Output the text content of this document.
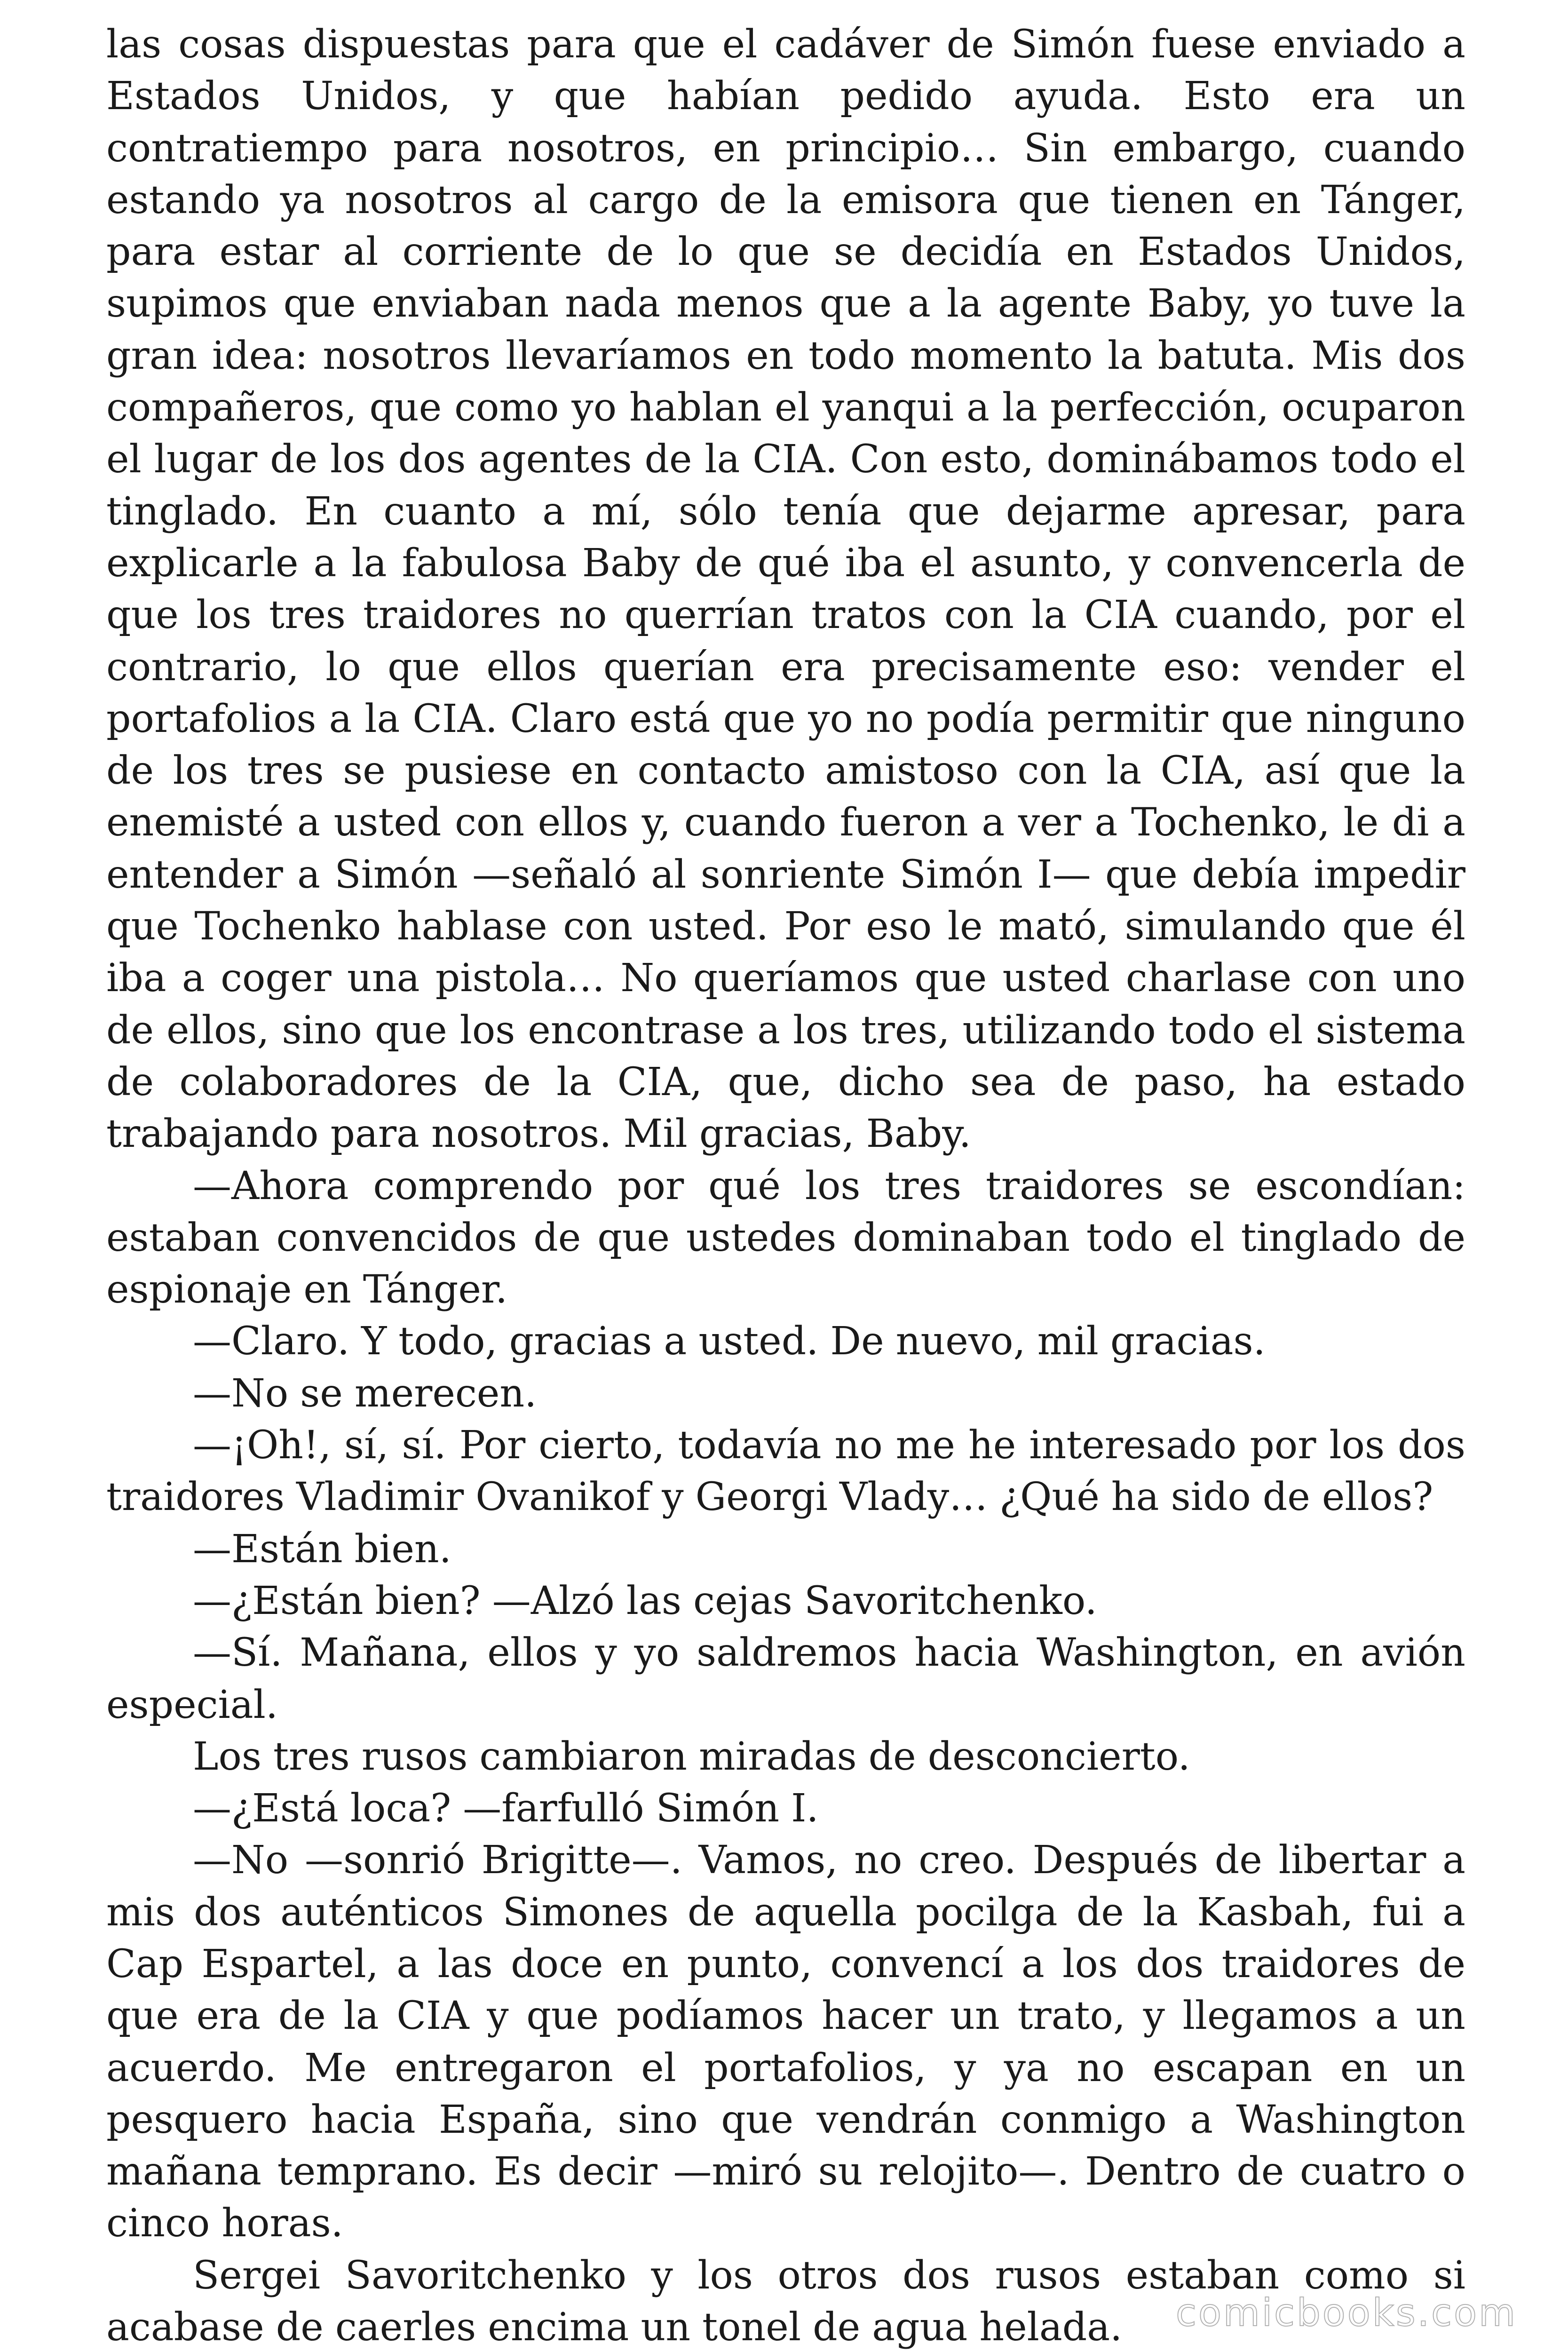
las cosas dispuestas para que el cadáver de Simón fuese enviado a Estados Unidos, y que habían pedido ayuda. Esto era un contratiempo para nosotros, en principio… Sin embargo, cuando estando ya nosotros al cargo de la emisora que tienen en Tánger, para estar al corriente de lo que se decidía en Estados Unidos, supimos que enviaban nada menos que a la agente Baby, yo tuve la gran idea: nosotros llevaríamos en todo momento la batuta. Mis dos compañeros, que como yo hablan el yanqui a la perfección, ocuparon el lugar de los dos agentes de la CIA. Con esto, dominábamos todo el tinglado. En cuanto a mí, sólo tenía que dejarme apresar, para explicarle a la fabulosa Baby de qué iba el asunto, y convencerla de que los tres traidores no querrían tratos con la CIA cuando, por el contrario, lo que ellos querían era precisamente eso: vender el portafolios a la CIA. Claro está que yo no podía permitir que ninguno de los tres se pusiese en contacto amistoso con la CIA, así que la enemisté a usted con ellos y, cuando fueron a ver a Tochenko, le di a entender a Simón —señaló al sonriente Simón I— que debía impedir que Tochenko hablase con usted. Por eso le mató, simulando que él iba a coger una pistola… No queríamos que usted charlase con uno de ellos, sino que los encontrase a los tres, utilizando todo el sistema de colaboradores de la CIA, que, dicho sea de paso, ha estado trabajando para nosotros. Mil gracias, Baby.

—Ahora comprendo por qué los tres traidores se escondían: estaban convencidos de que ustedes dominaban todo el tinglado de espionaje en Tánger.

—Claro. Y todo, gracias a usted. De nuevo, mil gracias.

—No se merecen.

—¡Oh!, sí, sí. Por cierto, todavía no me he interesado por los dos traidores Vladimir Ovanikof y Georgi Vlady… ¿Qué ha sido de ellos?

—Están bien.

—¿Están bien? —Alzó las cejas Savoritchenko.

—Sí. Mañana, ellos y yo saldremos hacia Washington, en avión especial.

Los tres rusos cambiaron miradas de desconcierto.

—¿Está loca? —farfulló Simón I.

—No —sonrió Brigitte—. Vamos, no creo. Después de libertar a mis dos auténticos Simones de aquella pocilga de la Kasbah, fui a Cap Espartel, a las doce en punto, convencí a los dos traidores de que era de la CIA y que podíamos hacer un trato, y llegamos a un acuerdo. Me entregaron el portafolios, y ya no escapan en un pesquero hacia España, sino que vendrán conmigo a Washington mañana temprano. Es decir —miró su relojito—. Dentro de cuatro o cinco horas.

Sergei Savoritchenko y los otros dos rusos estaban como si acabase de caerles encima un tonel de agua helada.	comicbooks.com
